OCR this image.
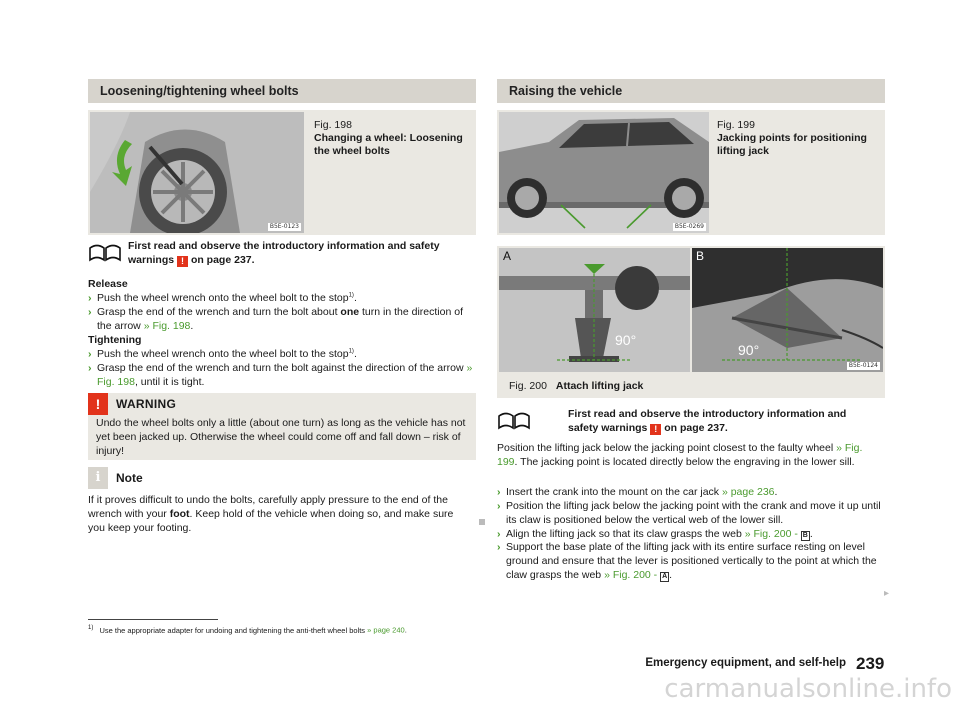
Loosening/tightening wheel bolts
B5E-0123
Fig. 198
Changing a wheel: Loosening the wheel bolts
First read and observe the introductory information and safety warnings ! on page 237.
Release
› Push the wheel wrench onto the wheel bolt to the stop$^{1)}$.
› Grasp the end of the wrench and turn the bolt about one turn in the direction of the arrow » Fig. 198.
Tightening
› Push the wheel wrench onto the wheel bolt to the stop$^{1)}$.
› Grasp the end of the wrench and turn the bolt against the direction of the arrow » Fig. 198, until it is tight.
!	WARNING
Undo the wheel bolts only a little (about one turn) as long as the vehicle has not yet been jacked up. Otherwise the wheel could come off and fall down – risk of injury!
i	Note
If it proves difficult to undo the bolts, carefully apply pressure to the end of the wrench with your foot. Keep hold of the vehicle when doing so, and make sure you keep your footing.
Raising the vehicle
B5E-0269
Fig. 199
Jacking points for positioning lifting jack
A
90°
B
90°
B5E-0124
Fig. 200 Attach lifting jack
First read and observe the introductory information and safety warnings ! on page 237.
Position the lifting jack below the jacking point closest to the faulty wheel » Fig. 199. The jacking point is located directly below the engraving in the lower sill.
› Insert the crank into the mount on the car jack » page 236.
› Position the lifting jack below the jacking point with the crank and move it up until its claw is positioned below the vertical web of the lower sill.
› Align the lifting jack so that its claw grasps the web » Fig. 200 - B .
› Support the base plate of the lifting jack with its entire surface resting on level ground and ensure that the lever is positioned vertically to the point at which the claw grasps the web » Fig. 200 - A .
▸
$^{1)}$ Use the appropriate adapter for undoing and tightening the anti-theft wheel bolts » page 240.
Emergency equipment, and self-help 239
carmanualsonline.info
